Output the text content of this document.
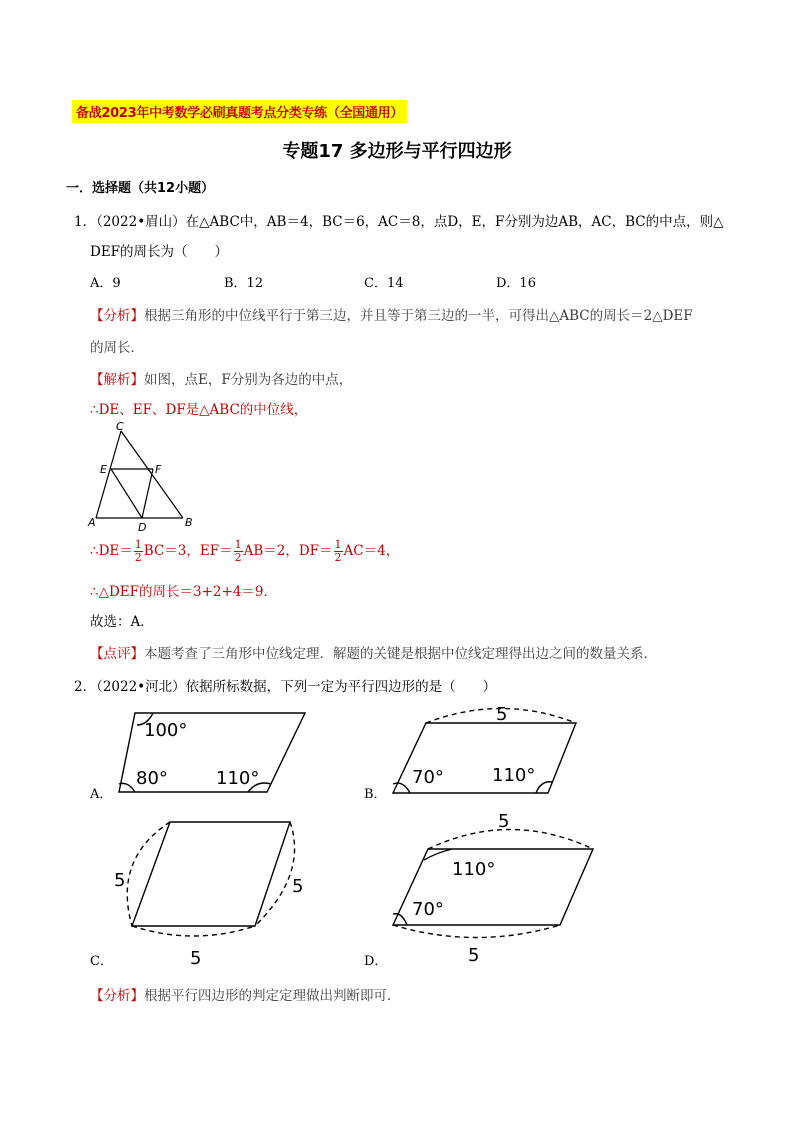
备战2023年中考数学必刷真题考点分类专练（全国通用）
专题17 多边形与平行四边形
一．选择题（共12小题）
1．（2022•眉山）在△ABC中，AB＝4，BC＝6，AC＝8，点D，E，F分别为边AB，AC，BC的中点，则△
DEF的周长为（　　）
A．9	B．12	C．14	D．16
【分析】根据三角形的中位线平行于第三边，并且等于第三边的一半，可得出△ABC的周长＝2△DEF
的周长．
【解析】如图，点E，F分别为各边的中点，
∴DE、EF、DF是△ABC的中位线，
C
E	F
A	D	B
∴DE＝ $\frac{1}{2} BC=3$，$EF= \frac{1}{2} AB=2$，$DF= \frac{1}{2} AC=4$，
∴△DEF的周长＝3+2+4＝9．
故选：A．
【点评】本题考查了三角形中位线定理．解题的关键是根据中位线定理得出边之间的数量关系．
2．（2022•河北）依据所标数据，下列一定为平行四边形的是（　　）
A．	B．
C．	D．
100°
80°	110°
5
70°	110°
5	5
5
5
110°
70°
5
【分析】根据平行四边形的判定定理做出判断即可．
